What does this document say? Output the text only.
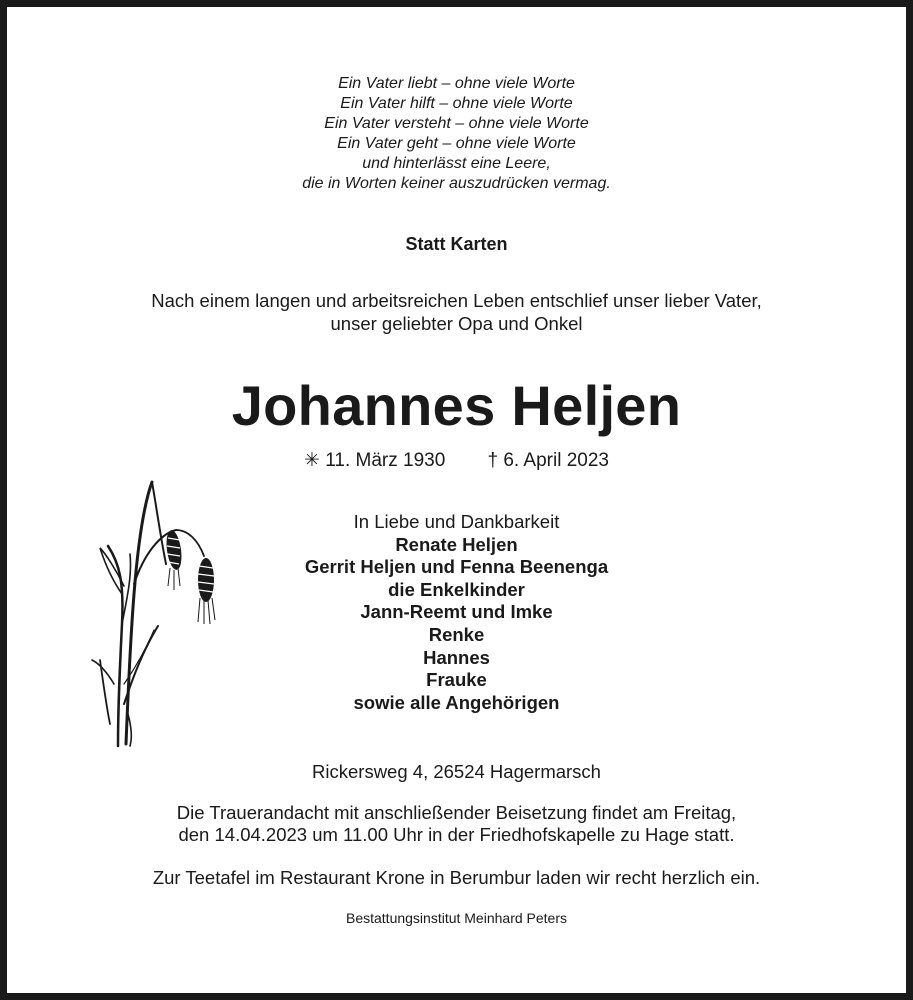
Ein Vater liebt – ohne viele Worte
Ein Vater hilft – ohne viele Worte
Ein Vater versteht – ohne viele Worte
Ein Vater geht – ohne viele Worte
und hinterlässt eine Leere,
die in Worten keiner auszudrücken vermag.
Statt Karten
Nach einem langen und arbeitsreichen Leben entschlief unser lieber Vater,
unser geliebter Opa und Onkel
Johannes Heljen
✳ 11. März 1930 † 6. April 2023
In Liebe und Dankbarkeit
Renate Heljen
Gerrit Heljen und Fenna Beenenga
die Enkelkinder
Jann-Reemt und Imke
Renke
Hannes
Frauke
sowie alle Angehörigen
Rickersweg 4, 26524 Hagermarsch
Die Trauerandacht mit anschließender Beisetzung findet am Freitag,
den 14.04.2023 um 11.00 Uhr in der Friedhofskapelle zu Hage statt.
Zur Teetafel im Restaurant Krone in Berumbur laden wir recht herzlich ein.
Bestattungsinstitut Meinhard Peters
